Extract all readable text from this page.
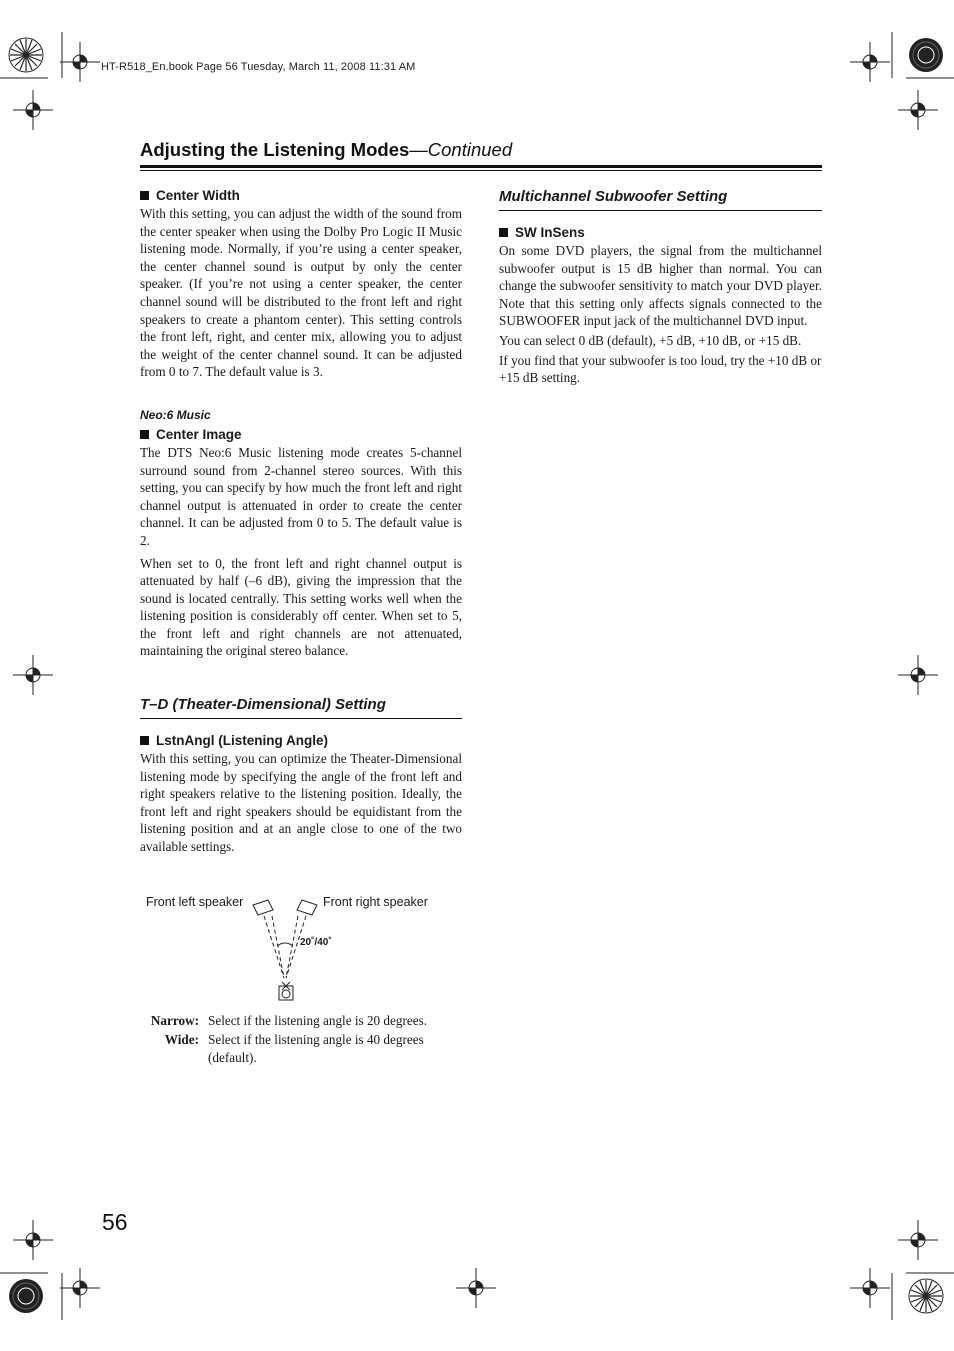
HT-R518_En.book Page 56 Tuesday, March 11, 2008 11:31 AM
Adjusting the Listening Modes—Continued

Center Width

With this setting, you can adjust the width of the sound from the center speaker when using the Dolby Pro Logic II Music listening mode. Normally, if you’re using a center speaker, the center channel sound is output by only the center speaker. (If you’re not using a center speaker, the center channel sound will be distributed to the front left and right speakers to create a phantom center). This setting controls the front left, right, and center mix, allowing you to adjust the weight of the center channel sound. It can be adjusted from 0 to 7. The default value is 3.

Neo:6 Music

Center Image

The DTS Neo:6 Music listening mode creates 5-channel surround sound from 2-channel stereo sources. With this setting, you can specify by how much the front left and right channel output is attenuated in order to create the center channel. It can be adjusted from 0 to 5. The default value is 2.

When set to 0, the front left and right channel output is attenuated by half (–6 dB), giving the impression that the sound is located centrally. This setting works well when the listening position is considerably off center. When set to 5, the front left and right channels are not attenuated, maintaining the original stereo balance.

T–D (Theater-Dimensional) Setting

LstnAngl (Listening Angle)

With this setting, you can optimize the Theater-Dimensional listening mode by specifying the angle of the front left and right speakers relative to the listening position. Ideally, the front left and right speakers should be equidistant from the listening position and at an angle close to one of the two available settings.

Front left speaker	Front right speaker
20˚/40˚
Narrow: Select if the listening angle is 20 degrees.
Wide: Select if the listening angle is 40 degrees (default).
Multichannel Subwoofer Setting

SW InSens

On some DVD players, the signal from the multichannel subwoofer output is 15 dB higher than normal. You can change the subwoofer sensitivity to match your DVD player. Note that this setting only affects signals connected to the SUBWOOFER input jack of the multichannel DVD input.

You can select 0 dB (default), +5 dB, +10 dB, or +15 dB.

If you find that your subwoofer is too loud, try the +10 dB or +15 dB setting.

56
